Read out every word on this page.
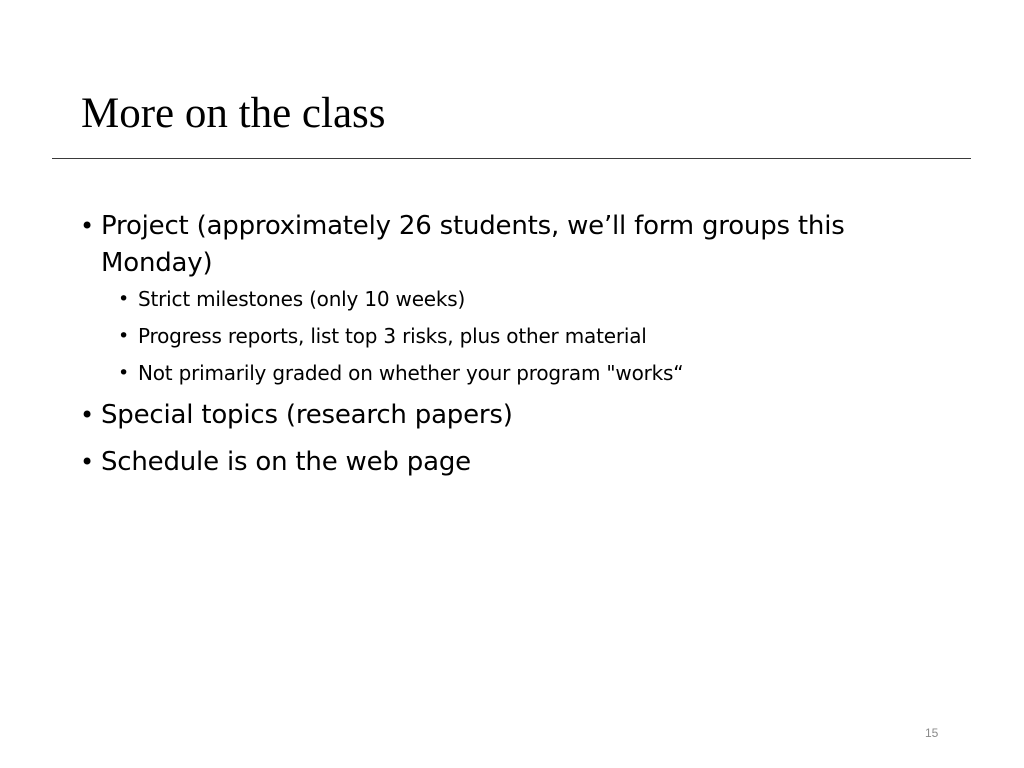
More on the class
• Project (approximately 26 students, we’ll form groups this Monday)
• Strict milestones (only 10 weeks)
• Progress reports, list top 3 risks, plus other material
• Not primarily graded on whether your program "works“
• Special topics (research papers)
• Schedule is on the web page
15
